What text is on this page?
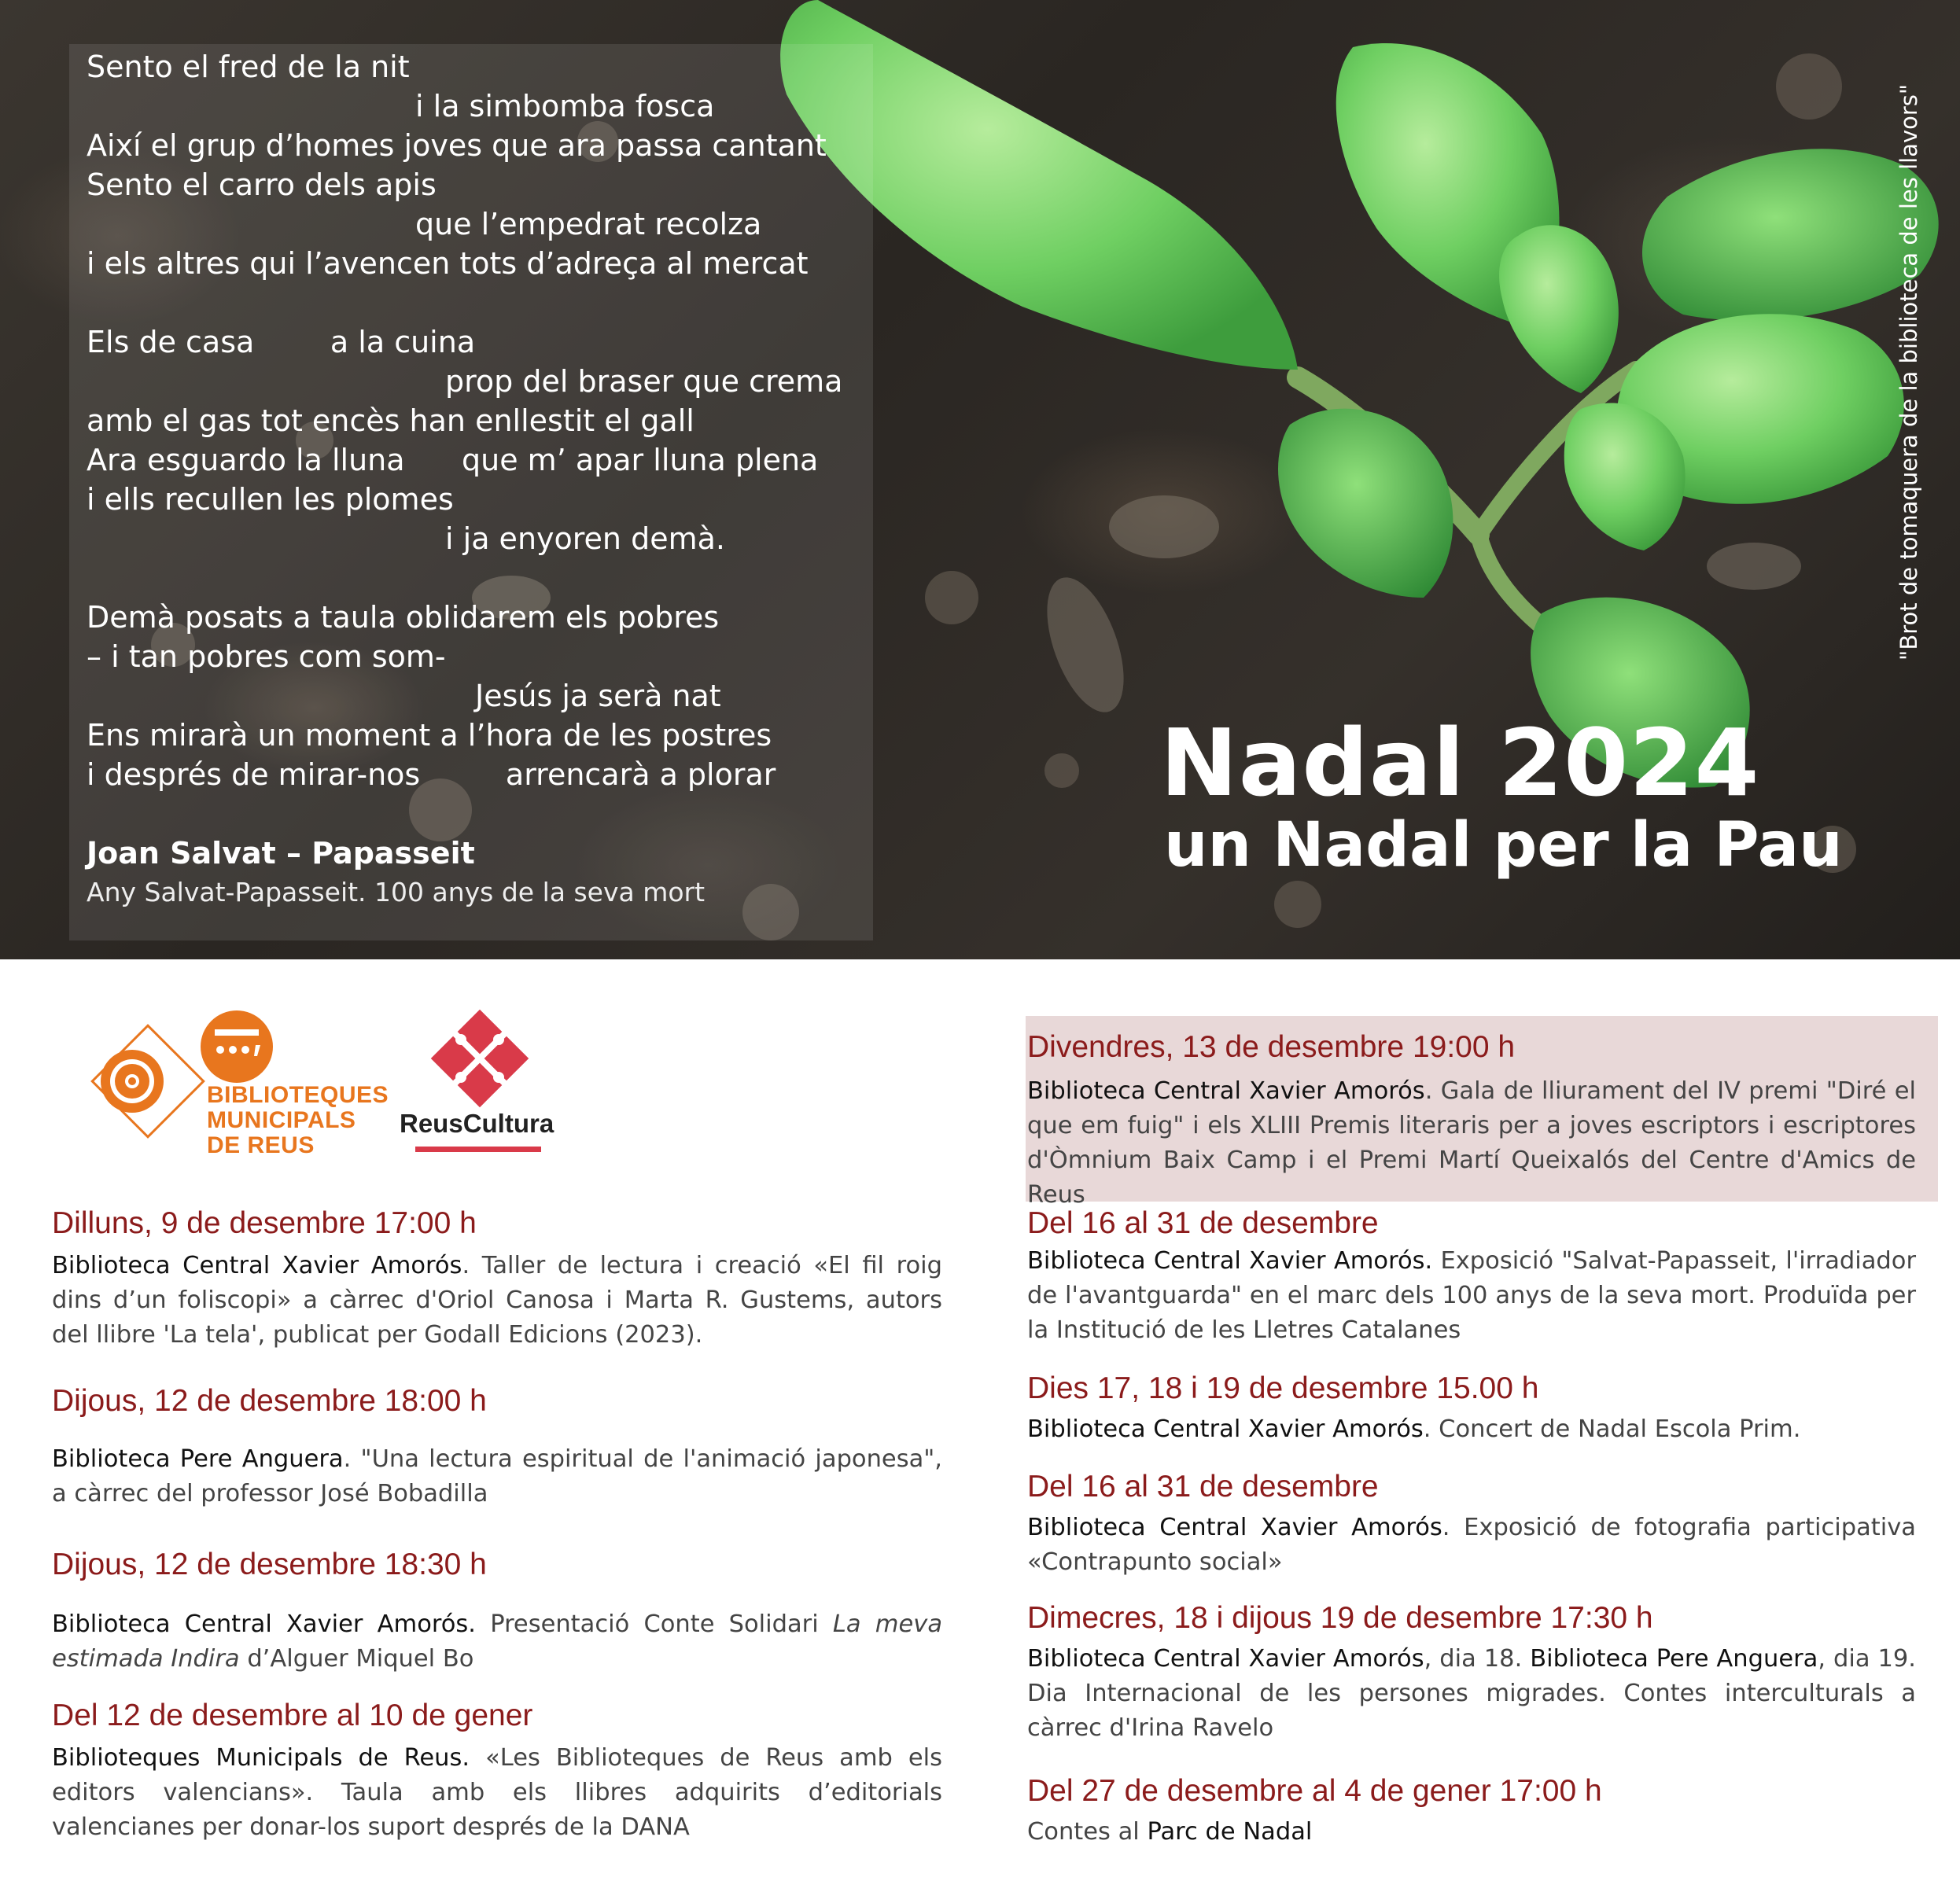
Sento el fred de la nit
i la simbomba fosca
Així el grup d’homes joves que ara passa cantant
Sento el carro dels apis
que l’empedrat recolza
i els altres qui l’avencen tots d’adreça al mercat
Els de casa        a la cuina
prop del braser que crema
amb el gas tot encès han enllestit el gall
Ara esguardo la lluna      que m’ apar lluna plena
i ells recullen les plomes
i ja enyoren demà.
Demà posats a taula oblidarem els pobres
– i tan pobres com som-
Jesús ja serà nat
Ens mirarà un moment a l’hora de les postres
i després de mirar-nos         arrencarà a plorar
Joan Salvat – Papasseit
Any Salvat-Papasseit. 100 anys de la seva mort
Nadal 2024
un Nadal per la Pau
"Brot de tomaquera de la biblioteca de les llavors"
BIBLIOTEQUES
MUNICIPALS
DE REUS
ReusCultura
Dilluns, 9 de desembre 17:00 h
Biblioteca Central Xavier Amorós. Taller de lectura i creació «El fil roig dins d’un foliscopi» a càrrec d'Oriol Canosa i Marta R. Gustems, autors del llibre 'La tela', publicat per Godall Edicions (2023).
Dijous, 12 de desembre 18:00 h
Biblioteca Pere Anguera. "Una lectura espiritual de l'animació japonesa", a càrrec del professor José Bobadilla
Dijous, 12 de desembre 18:30 h
Biblioteca Central Xavier Amorós. Presentació Conte Solidari La meva estimada Indira d’Alguer Miquel Bo
Del 12 de desembre al 10 de gener
Biblioteques Municipals de Reus. «Les Biblioteques de Reus amb els editors valencians». Taula amb els llibres adquirits d’editorials valencianes per donar-los suport després de la DANA
Divendres, 13 de desembre 19:00 h
Biblioteca Central Xavier Amorós. Gala de lliurament del IV premi "Diré el que em fuig" i els XLIII Premis literaris per a joves escriptors i escriptores d'Òmnium Baix Camp i el Premi Martí Queixalós del Centre d'Amics de Reus
Del 16 al 31 de desembre
Biblioteca Central Xavier Amorós. Exposició "Salvat-Papasseit, l'irradiador de l'avantguarda" en el marc dels 100 anys de la seva mort. Produïda per la Institució de les Lletres Catalanes
Dies 17, 18 i 19 de desembre 15.00 h
Biblioteca Central Xavier Amorós. Concert de Nadal Escola Prim.
Del 16 al 31 de desembre
Biblioteca Central Xavier Amorós. Exposició de fotografia participativa «Contrapunto social»
Dimecres, 18 i dijous 19 de desembre 17:30 h
Biblioteca Central Xavier Amorós, dia 18. Biblioteca Pere Anguera, dia 19. Dia Internacional de les persones migrades. Contes interculturals a càrrec d'Irina Ravelo
Del 27 de desembre al 4 de gener 17:00 h
Contes al Parc de Nadal
